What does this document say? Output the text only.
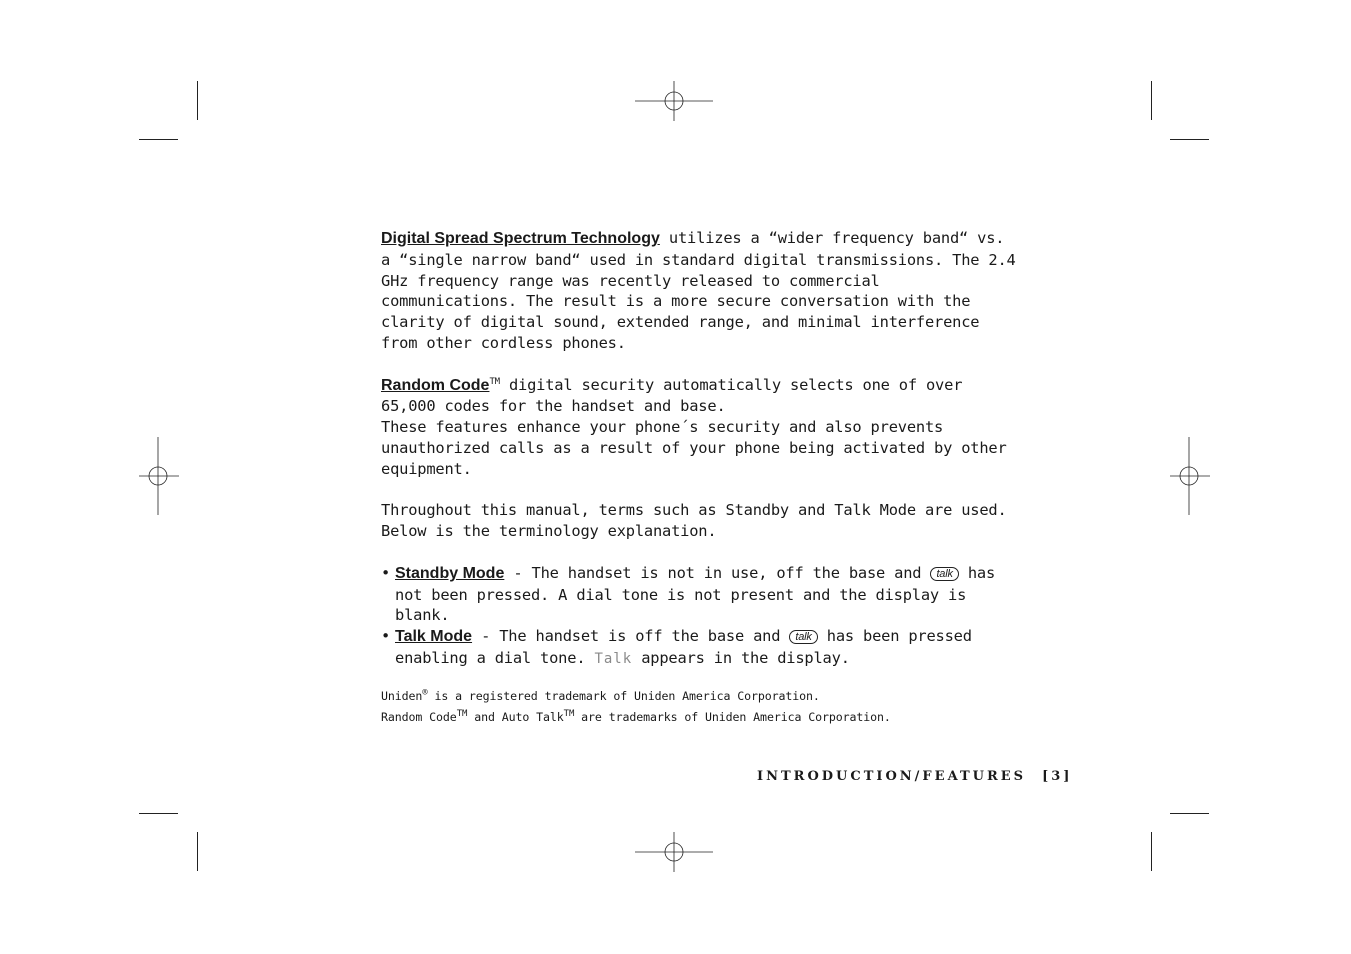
Digital Spread Spectrum Technology utilizes a “wider frequency band“ vs. a “single narrow band“ used in standard digital transmissions. The 2.4 GHz frequency range was recently released to commercial communications. The result is a more secure conversation with the clarity of digital sound, extended range, and minimal interference from other cordless phones.

Random Code™ digital security automatically selects one of over 65,000 codes for the handset and base.

These features enhance your phone´s security and also prevents unauthorized calls as a result of your phone being activated by other equipment.

Throughout this manual, terms such as Standby and Talk Mode are used. Below is the terminology explanation.

• Standby Mode - The handset is not in use, off the base and talk has not been pressed. A dial tone is not present and the display is blank.
• Talk Mode - The handset is off the base and talk has been pressed enabling a dial tone. Talk appears in the display.
Uniden® is a registered trademark of Uniden America Corporation.
Random Code™ and Auto Talk™ are trademarks of Uniden America Corporation.
INTRODUCTION/FEATURES [3]
